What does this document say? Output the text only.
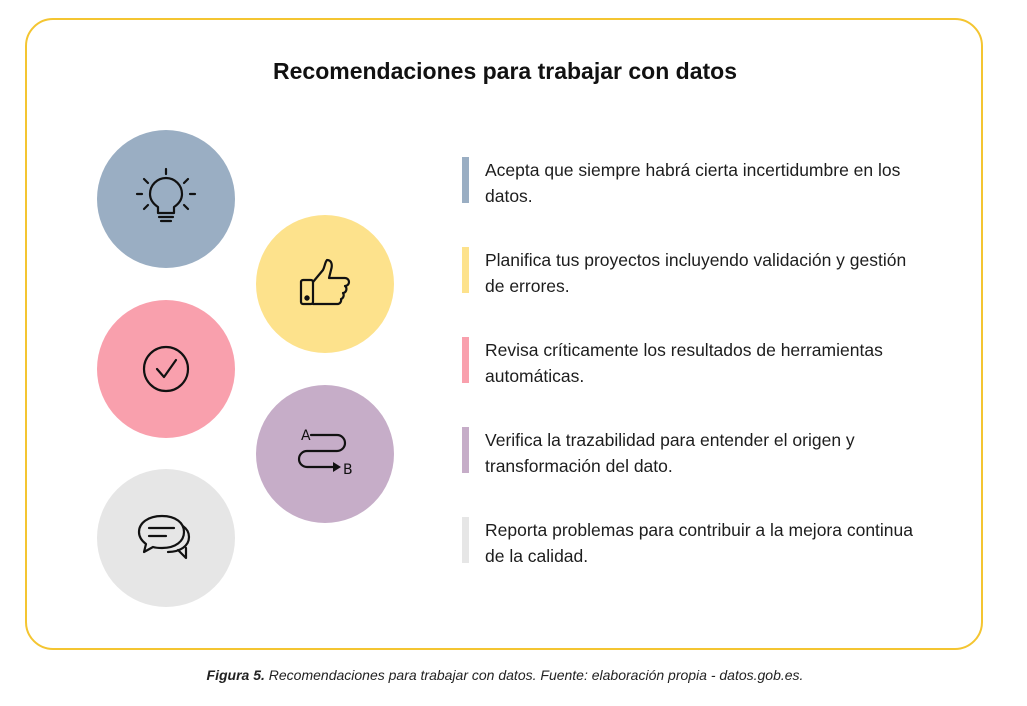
Recomendaciones para trabajar con datos
A
B
Acepta que siempre habrá cierta incertidumbre en los datos.
Planifica tus proyectos incluyendo validación y gestión de errores.
Revisa críticamente los resultados de herramientas automáticas.
Verifica la trazabilidad para entender el origen y transformación del dato.
Reporta problemas para contribuir a la mejora continua de la calidad.
Figura 5. Recomendaciones para trabajar con datos. Fuente: elaboración propia - datos.gob.es.
